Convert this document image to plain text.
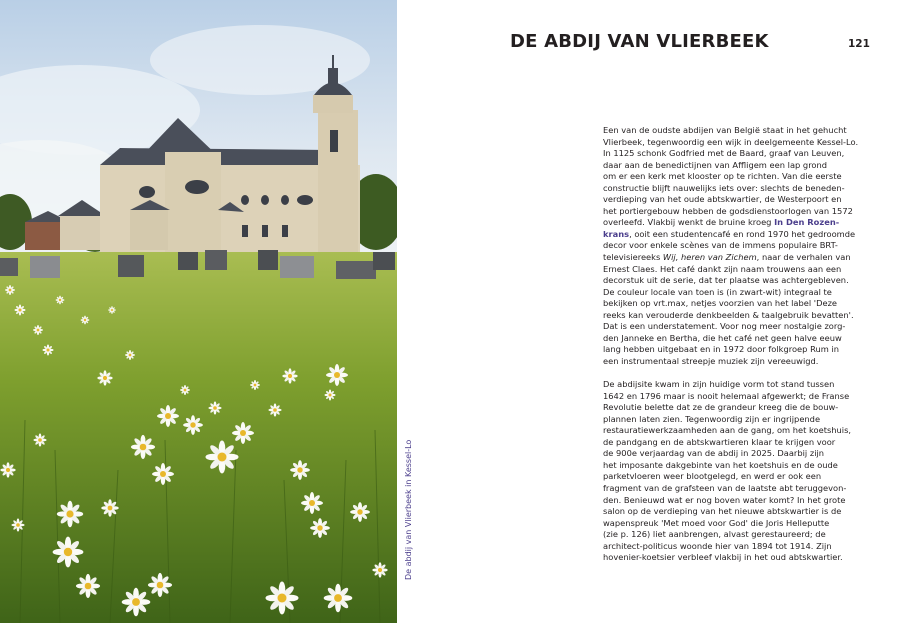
De abdij van Vlierbeek in Kessel-Lo
DE ABDIJ VAN VLIERBEEK	121
Een van de oudste abdijen van België staat in het gehucht
Vlierbeek, tegenwoordig een wijk in deelgemeente Kessel-Lo.
In 1125 schonk Godfried met de Baard, graaf van Leuven,
daar aan de benedictijnen van Affligem een lap grond
om er een kerk met klooster op te richten. Van die eerste
constructie blijft nauwelijks iets over: slechts de beneden-
verdieping van het oude abtskwartier, de Westerpoort en
het portiergebouw hebben de godsdienstoorlogen van 1572
overleefd. Vlakbij wenkt de bruine kroeg In Den Rozen-
krans, ooit een studentencafé en rond 1970 het gedroomde
decor voor enkele scènes van de immens populaire BRT-
televisiereeks Wij, heren van Zichem, naar de verhalen van
Ernest Claes. Het café dankt zijn naam trouwens aan een
decorstuk uit de serie, dat ter plaatse was achtergebleven.
De couleur locale van toen is (in zwart-wit) integraal te
bekijken op vrt.max, netjes voorzien van het label 'Deze
reeks kan verouderde denkbeelden & taalgebruik bevatten'.
Dat is een understatement. Voor nog meer nostalgie zorg-
den Janneke en Bertha, die het café net geen halve eeuw
lang hebben uitgebaat en in 1972 door folkgroep Rum in
een instrumentaal streepje muziek zijn vereeuwigd.
De abdijsite kwam in zijn huidige vorm tot stand tussen
1642 en 1796 maar is nooit helemaal afgewerkt; de Franse
Revolutie belette dat ze de grandeur kreeg die de bouw-
plannen laten zien. Tegenwoordig zijn er ingrijpende
restauratiewerkzaamheden aan de gang, om het koetshuis,
de pandgang en de abtskwartieren klaar te krijgen voor
de 900e verjaardag van de abdij in 2025. Daarbij zijn
het imposante dakgebinte van het koetshuis en de oude
parketvloeren weer blootgelegd, en werd er ook een
fragment van de grafsteen van de laatste abt teruggevon-
den. Benieuwd wat er nog boven water komt? In het grote
salon op de verdieping van het nieuwe abtskwartier is de
wapenspreuk 'Met moed voor God' die Joris Helleputte
(zie p. 126) liet aanbrengen, alvast gerestaureerd; de
architect-politicus woonde hier van 1894 tot 1914. Zijn
hovenier-koetsier verbleef vlakbij in het oud abtskwartier.
